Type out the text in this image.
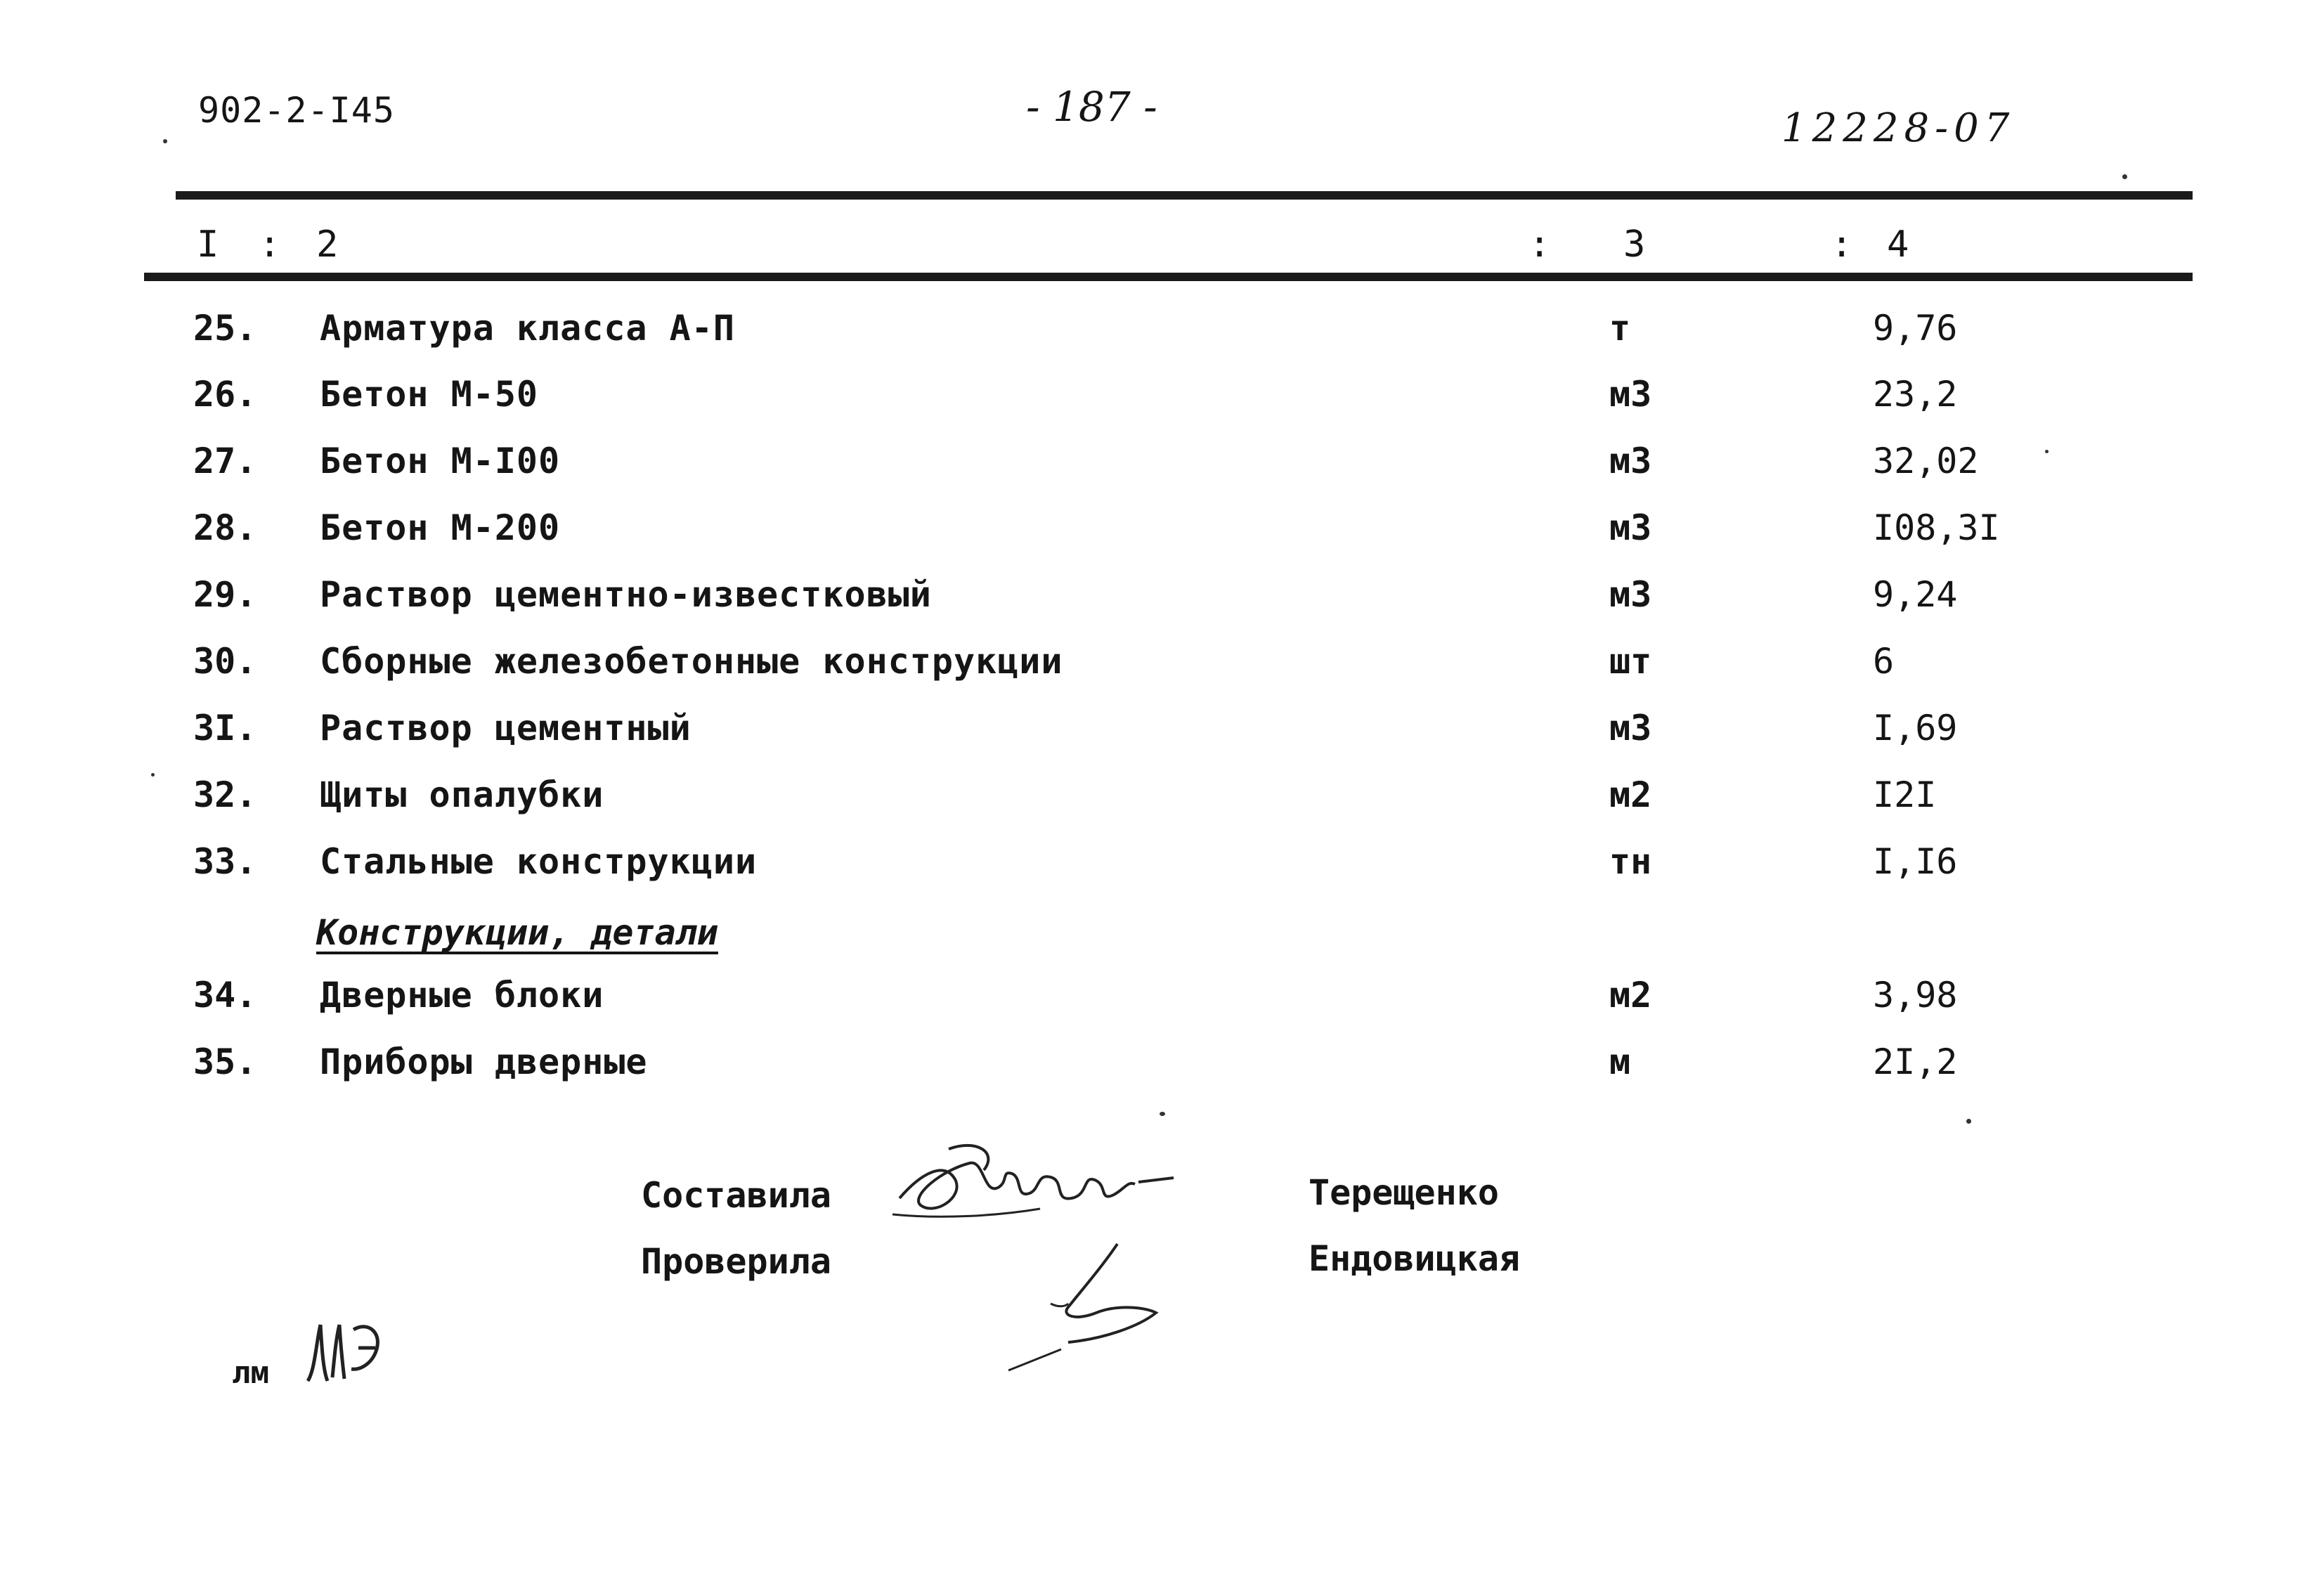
902-2-I45	- 187 -	12228-07
I : 2	: 3	: 4
25. Арматура класса А-П	т	9,76
26. Бетон М-50	м3	23,2
27. Бетон М-I00	м3	32,02
28. Бетон М-200	м3	I08,3I
29. Раствор цементно-известковый	м3	9,24
30. Сборные железобетонные конструкции	шт	6
3I. Раствор цементный	м3	I,69
32. Щиты опалубки	м2	I2I
33. Стальные конструкции	тн	I,I6
Конструкции, детали
34. Дверные блоки	м2	3,98
35. Приборы дверные	м	2I,2
Составила	Терещенко
Проверила	Ендовицкая
лм
